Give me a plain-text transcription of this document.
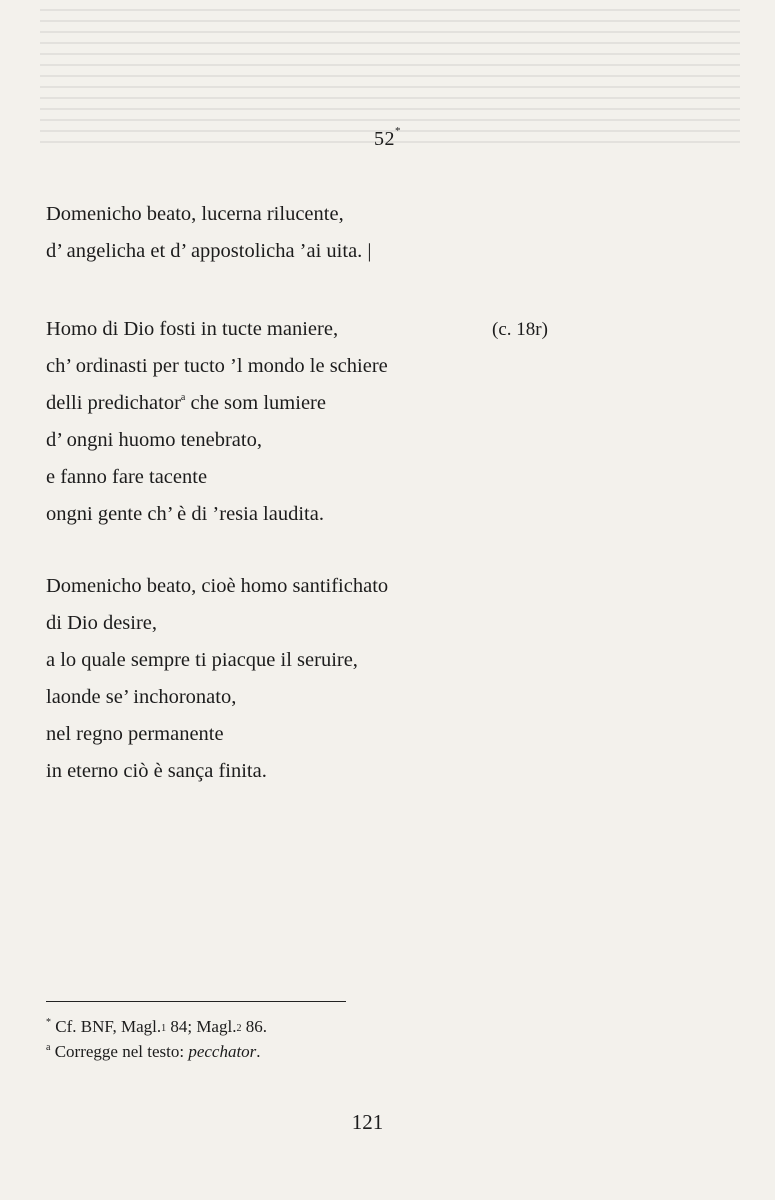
52*
Domenicho beato, lucerna rilucente,
d’ angelicha et d’ appostolicha ’ai uita. |
Homo di Dio fosti in tucte maniere,
ch’ ordinasti per tucto ’l mondo le schiere
delli predichator$^a$ che som lumiere
d’ ongni huomo tenebrato,
e fanno fare tacente
ongni gente ch’ è di ’resia laudita.
(c. 18r)
Domenicho beato, cioè homo santifichato
di Dio desire,
a lo quale sempre ti piacque il seruire,
laonde se’ inchoronato,
nel regno permanente
in eterno ciò è sança finita.
* Cf. BNF, $Magl._1$ 84; $Magl._2$ 86.
$^a$ Corregge nel testo: pecchator.
121
